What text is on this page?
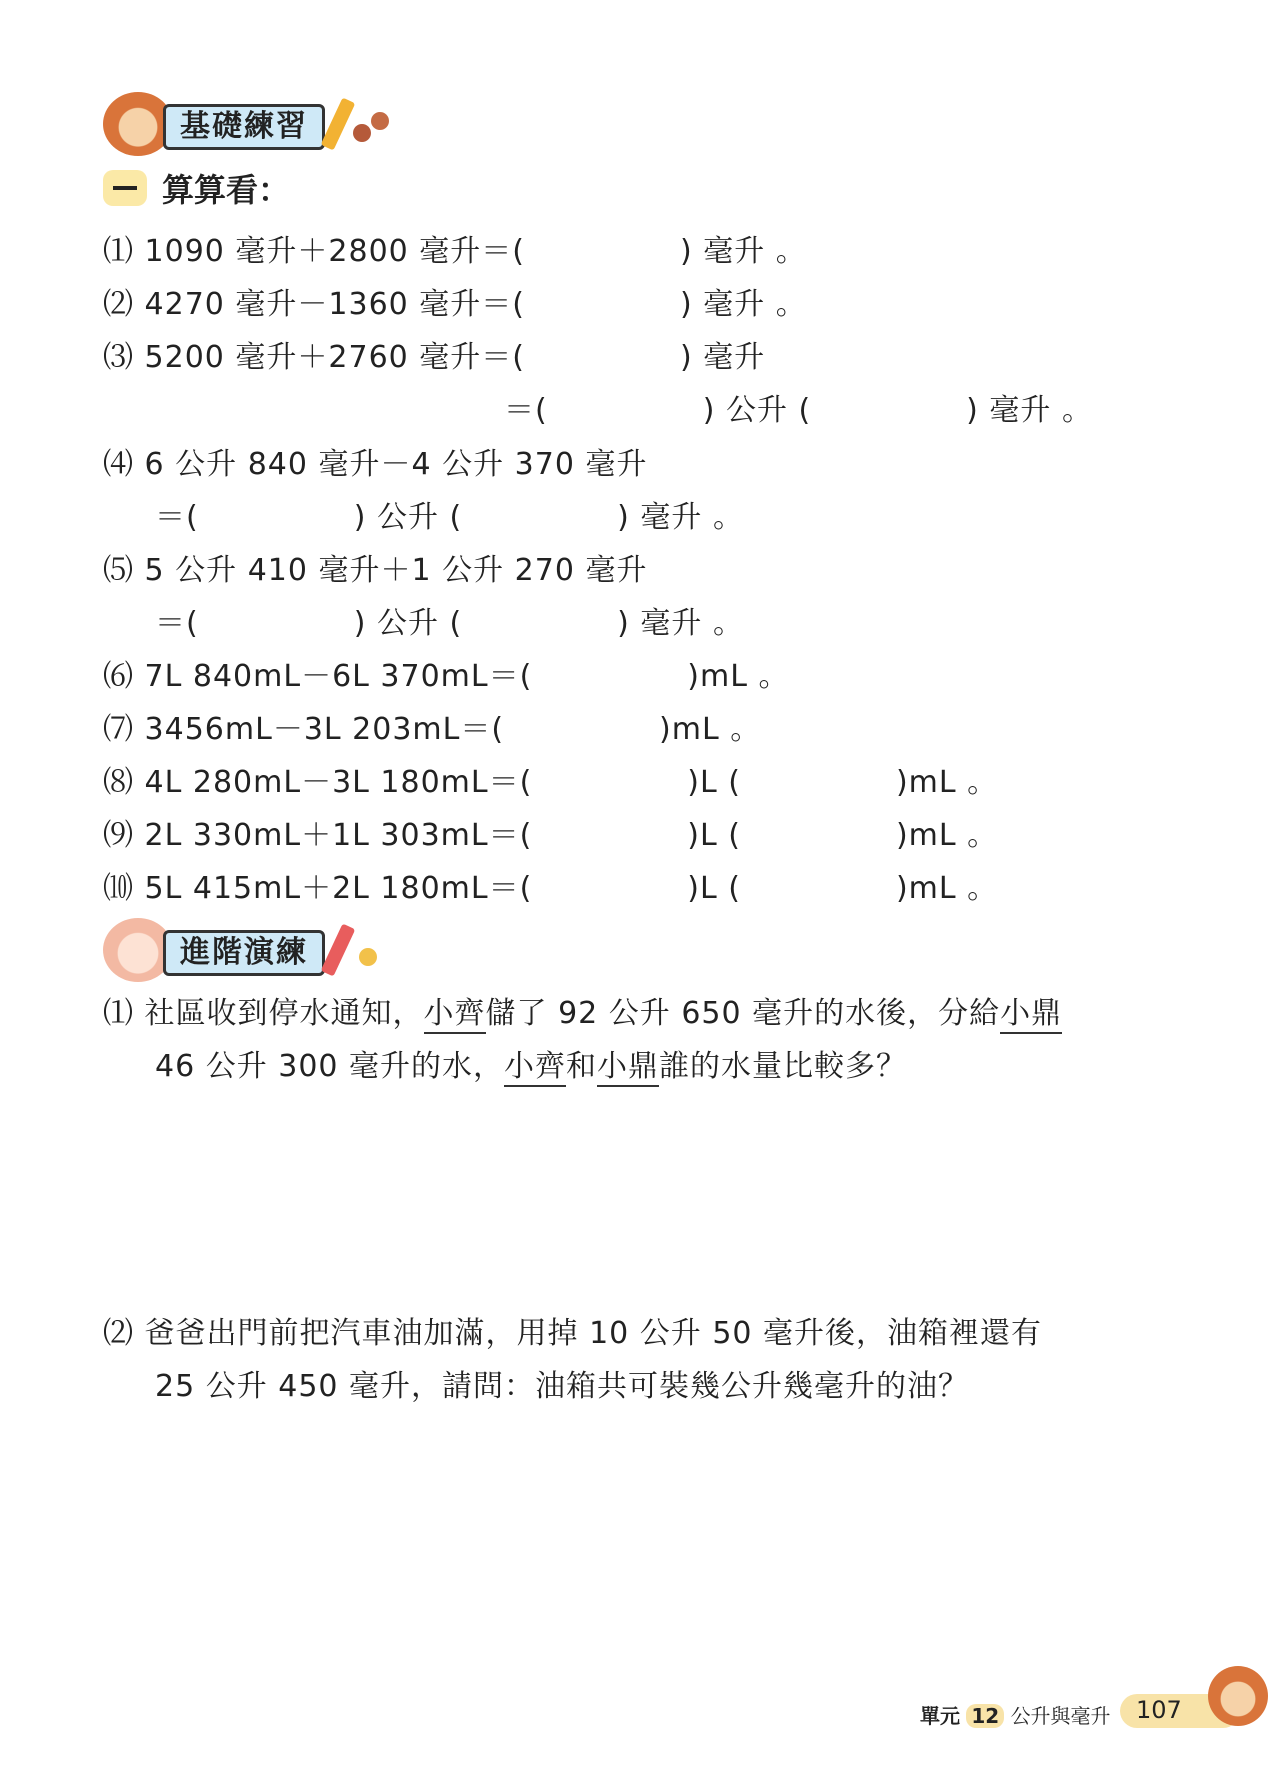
基礎練習
算算看：
⑴ 1090 毫升＋2800 毫升＝(　　　　　) 毫升 。
⑵ 4270 毫升－1360 毫升＝(　　　　　) 毫升 。
⑶ 5200 毫升＋2760 毫升＝(　　　　　) 毫升
＝(　　　　　) 公升 (　　　　　) 毫升 。
⑷ 6 公升 840 毫升－4 公升 370 毫升
＝(　　　　　) 公升 (　　　　　) 毫升 。
⑸ 5 公升 410 毫升＋1 公升 270 毫升
＝(　　　　　) 公升 (　　　　　) 毫升 。
⑹ 7L 840mL－6L 370mL＝(　　　　　)mL 。
⑺ 3456mL－3L 203mL＝(　　　　　)mL 。
⑻ 4L 280mL－3L 180mL＝(　　　　　)L (　　　　　)mL 。
⑼ 2L 330mL＋1L 303mL＝(　　　　　)L (　　　　　)mL 。
⑽ 5L 415mL＋2L 180mL＝(　　　　　)L (　　　　　)mL 。
進階演練
⑴ 社區收到停水通知，小齊儲了 92 公升 650 毫升的水後，分給小鼎
46 公升 300 毫升的水，小齊和小鼎誰的水量比較多？
⑵ 爸爸出門前把汽車油加滿，用掉 10 公升 50 毫升後，油箱裡還有
25 公升 450 毫升，請問：油箱共可裝幾公升幾毫升的油？
單元 12 公升與毫升 107
